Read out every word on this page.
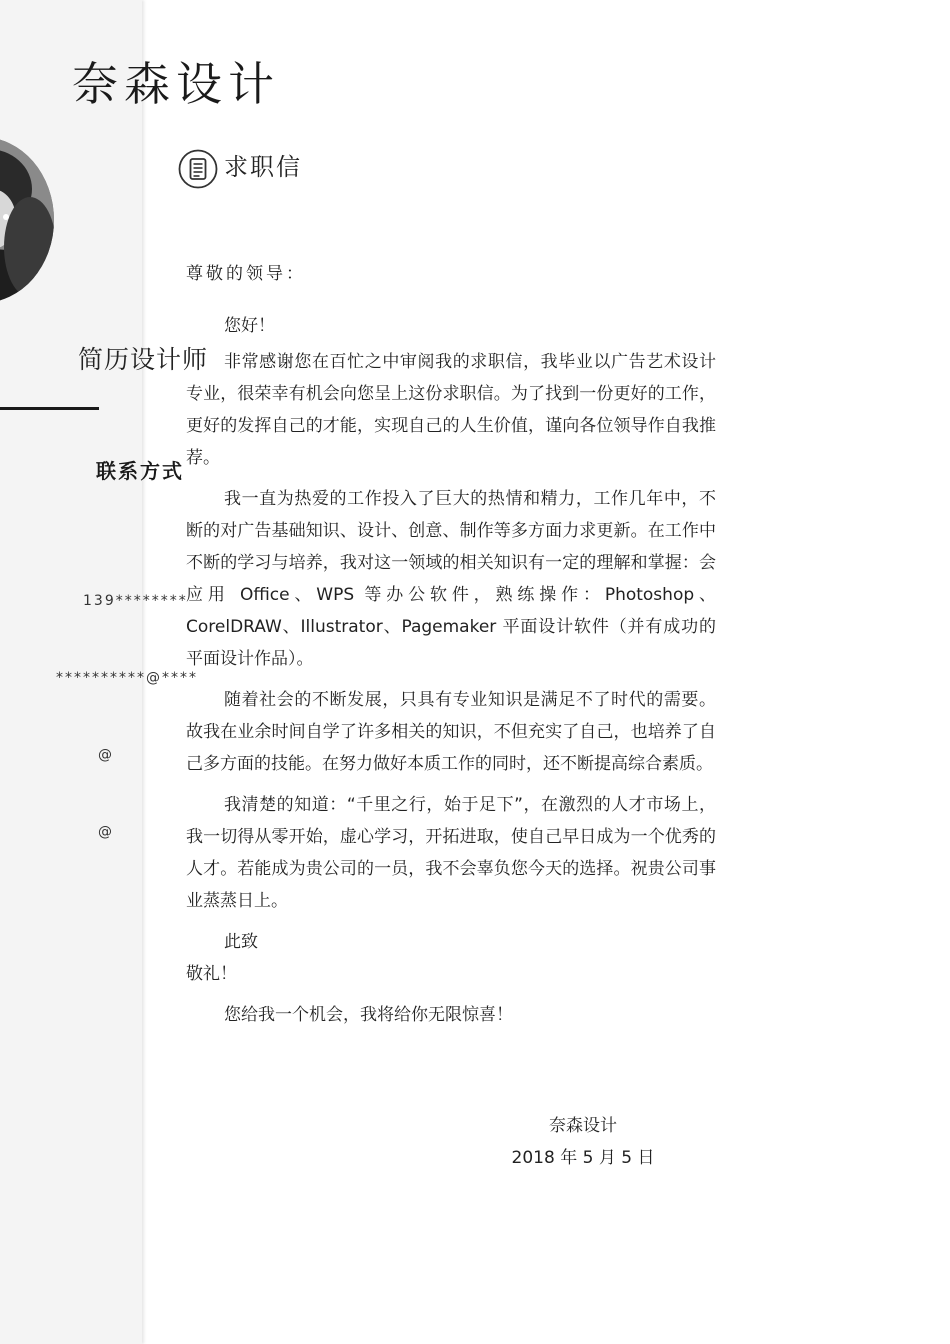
奈森设计
简历设计师
联系方式
139********
**********@****
@
@
求职信

尊敬的领导：

您好！

非常感谢您在百忙之中审阅我的求职信，我毕业以广告艺术设计专业，很荣幸有机会向您呈上这份求职信。为了找到一份更好的工作，更好的发挥自己的才能，实现自己的人生价值，谨向各位领导作自我推荐。

我一直为热爱的工作投入了巨大的热情和精力，工作几年中，不断的对广告基础知识、设计、创意、制作等多方面力求更新。在工作中不断的学习与培养，我对这一领域的相关知识有一定的理解和掌握：会应用 Office、WPS 等办公软件，熟练操作：Photoshop、CorelDRAW、Illustrator、Pagemaker 平面设计软件（并有成功的平面设计作品）。

随着社会的不断发展，只具有专业知识是满足不了时代的需要。故我在业余时间自学了许多相关的知识，不但充实了自己，也培养了自己多方面的技能。在努力做好本质工作的同时，还不断提高综合素质。

我清楚的知道：“千里之行，始于足下”，在激烈的人才市场上，我一切得从零开始，虚心学习，开拓进取，使自己早日成为一个优秀的人才。若能成为贵公司的一员，我不会辜负您今天的选择。祝贵公司事业蒸蒸日上。

此致

敬礼！

您给我一个机会，我将给你无限惊喜！

奈森设计
2018 年 5 月 5 日
